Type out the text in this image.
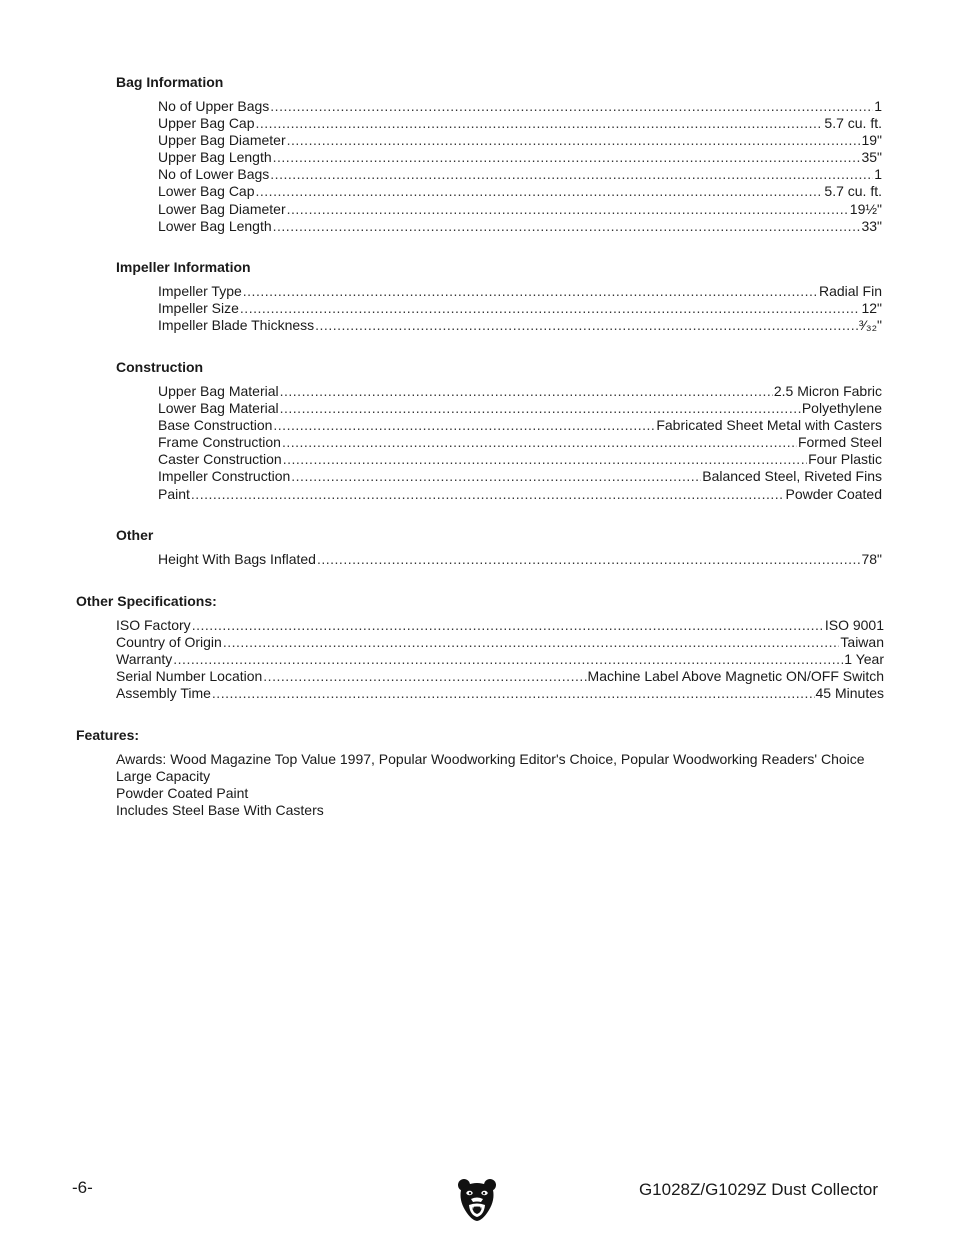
Bag Information
No of Upper Bags .....	1
Upper Bag Cap .....	5.7 cu. ft.
Upper Bag Diameter .....	19"
Upper Bag Length .....	35"
No of Lower Bags .....	1
Lower Bag Cap .....	5.7 cu. ft.
Lower Bag Diameter .....	19½"
Lower Bag Length .....	33"
Impeller Information
Impeller Type .....	Radial Fin
Impeller Size .....	12"
Impeller Blade Thickness .....	³⁄₃₂"
Construction
Upper Bag Material .....	2.5 Micron Fabric
Lower Bag Material .....	Polyethylene
Base Construction .....	Fabricated Sheet Metal with Casters
Frame Construction .....	Formed Steel
Caster Construction .....	Four Plastic
Impeller Construction .....	Balanced Steel, Riveted Fins
Paint .....	Powder Coated
Other
Height With Bags Inflated .....	78"
Other Specifications:
ISO Factory .....	ISO 9001
Country of Origin .....	Taiwan
Warranty .....	1 Year
Serial Number Location .....	Machine Label Above Magnetic ON/OFF Switch
Assembly Time .....	45 Minutes
Features:
Awards: Wood Magazine Top Value 1997, Popular Woodworking Editor's Choice, Popular Woodworking Readers' Choice
Large Capacity
Powder Coated Paint
Includes Steel Base With Casters
-6-	G1028Z/G1029Z Dust Collector
